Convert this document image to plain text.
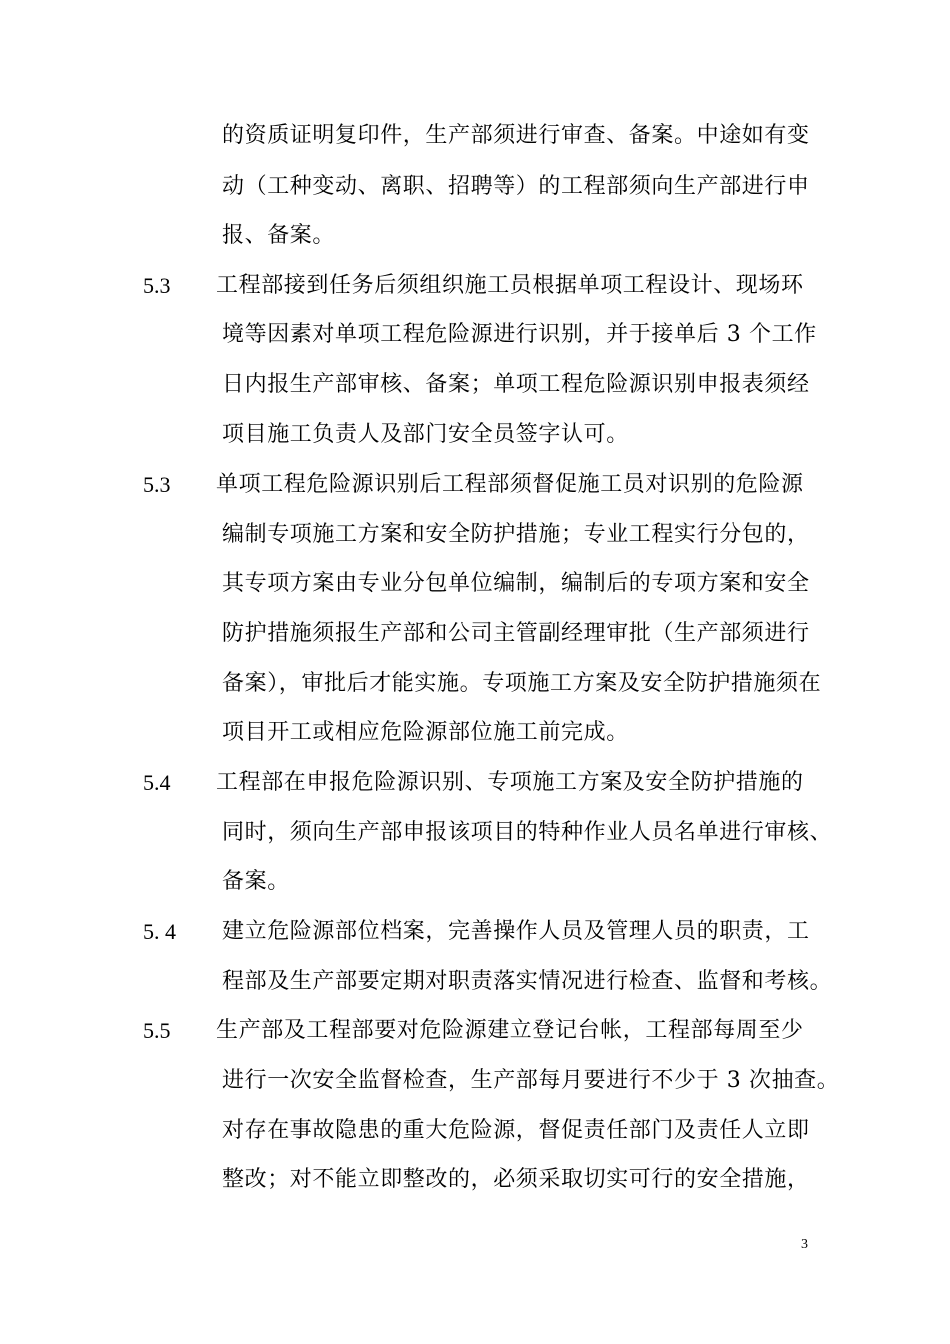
的资质证明复印件，生产部须进行审查、备案。中途如有变
动（工种变动、离职、招聘等）的工程部须向生产部进行申
报、备案。
5.3 工程部接到任务后须组织施工员根据单项工程设计、现场环
境等因素对单项工程危险源进行识别，并于接单后 3 个工作
日内报生产部审核、备案；单项工程危险源识别申报表须经
项目施工负责人及部门安全员签字认可。
5.3 单项工程危险源识别后工程部须督促施工员对识别的危险源
编制专项施工方案和安全防护措施；专业工程实行分包的，
其专项方案由专业分包单位编制，编制后的专项方案和安全
防护措施须报生产部和公司主管副经理审批（生产部须进行
备案），审批后才能实施。专项施工方案及安全防护措施须在
项目开工或相应危险源部位施工前完成。
5.4 工程部在申报危险源识别、专项施工方案及安全防护措施的
同时，须向生产部申报该项目的特种作业人员名单进行审核、
备案。
5. 4 建立危险源部位档案，完善操作人员及管理人员的职责，工
程部及生产部要定期对职责落实情况进行检查、监督和考核。
5.5 生产部及工程部要对危险源建立登记台帐，工程部每周至少
进行一次安全监督检查，生产部每月要进行不少于 3 次抽查。
对存在事故隐患的重大危险源，督促责任部门及责任人立即
整改；对不能立即整改的，必须采取切实可行的安全措施，
3
